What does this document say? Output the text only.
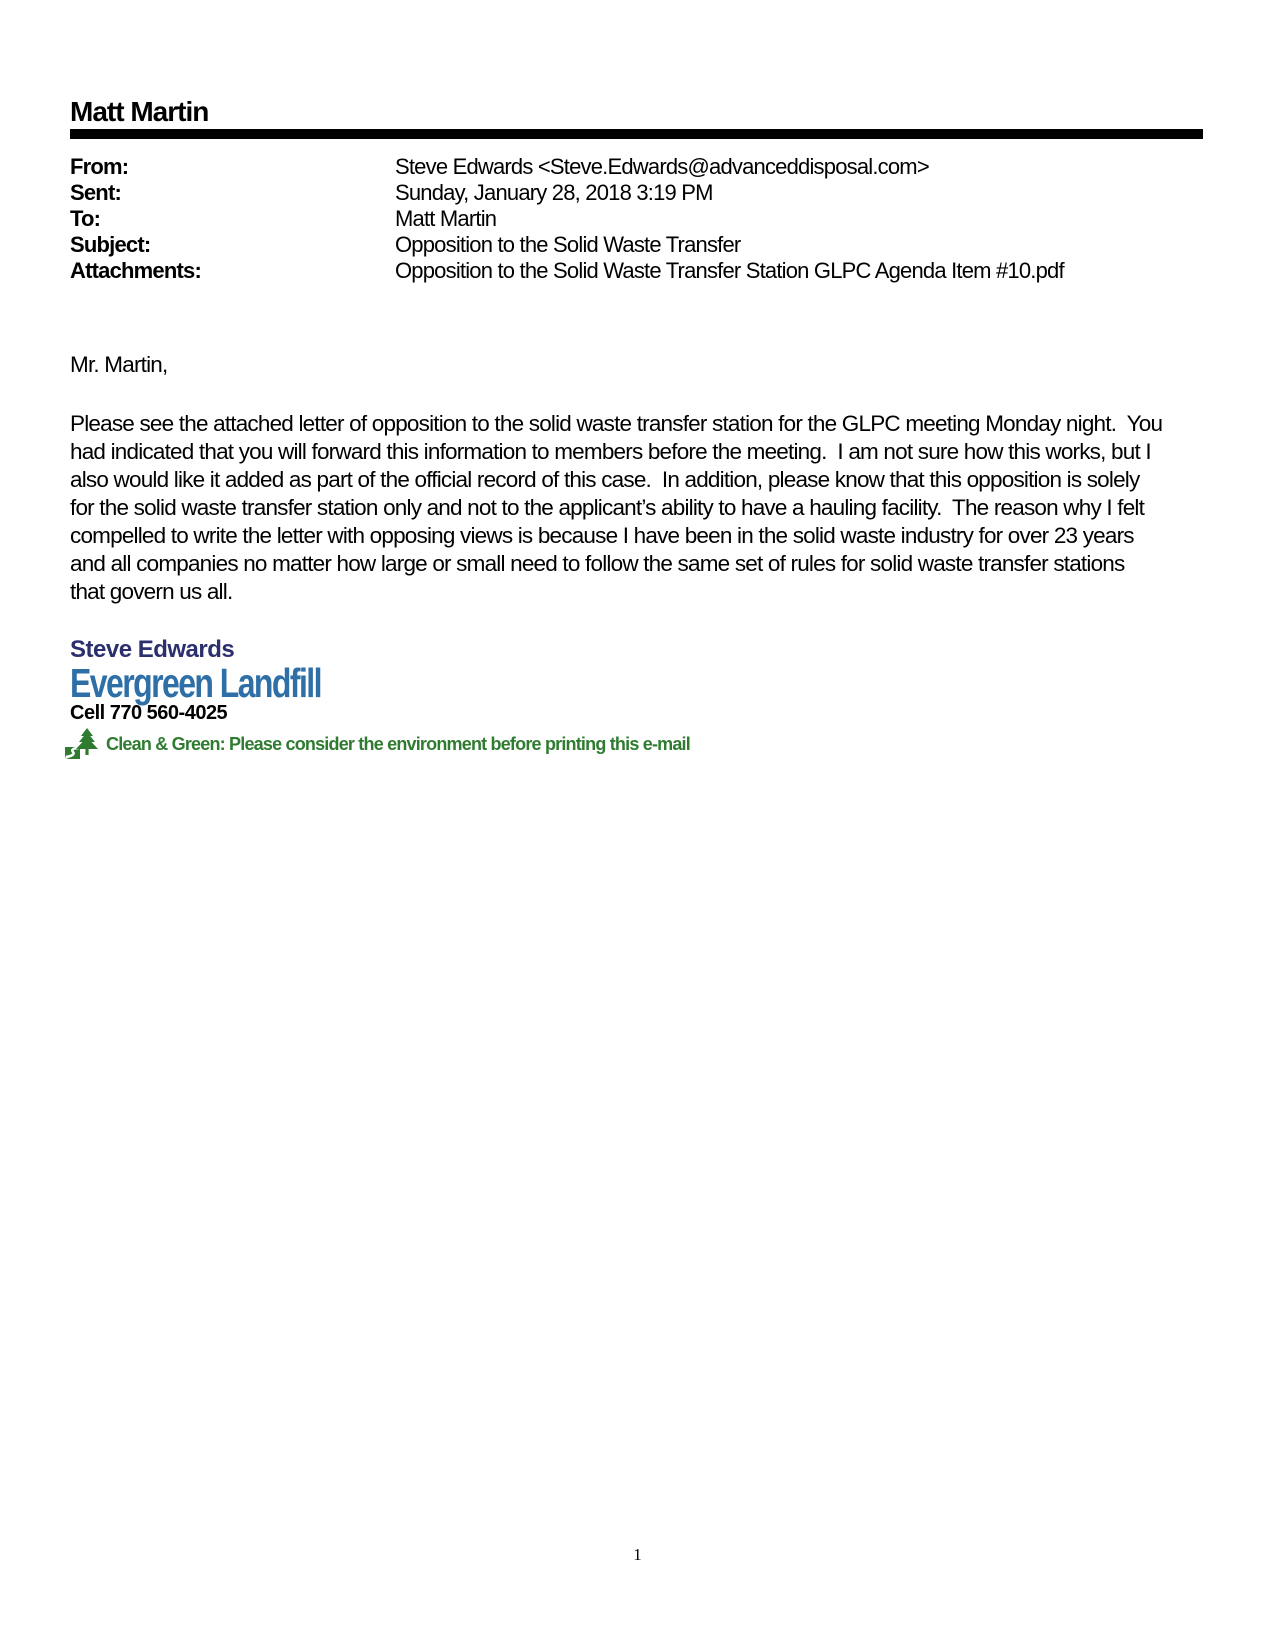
Matt Martin
From:	Steve Edwards <Steve.Edwards@advanceddisposal.com>
Sent:	Sunday, January 28, 2018 3:19 PM
To:	Matt Martin
Subject:	Opposition to the Solid Waste Transfer
Attachments:	Opposition to the Solid Waste Transfer Station GLPC Agenda Item #10.pdf
Mr. Martin,
Please see the attached letter of opposition to the solid waste transfer station for the GLPC meeting Monday night.  You
had indicated that you will forward this information to members before the meeting.  I am not sure how this works, but I
also would like it added as part of the official record of this case.  In addition, please know that this opposition is solely
for the solid waste transfer station only and not to the applicant’s ability to have a hauling facility.  The reason why I felt
compelled to write the letter with opposing views is because I have been in the solid waste industry for over 23 years
and all companies no matter how large or small need to follow the same set of rules for solid waste transfer stations
that govern us all.
Steve Edwards
Evergreen Landfill
Cell 770 560-4025
Clean & Green: Please consider the environment before printing this e-mail
1
